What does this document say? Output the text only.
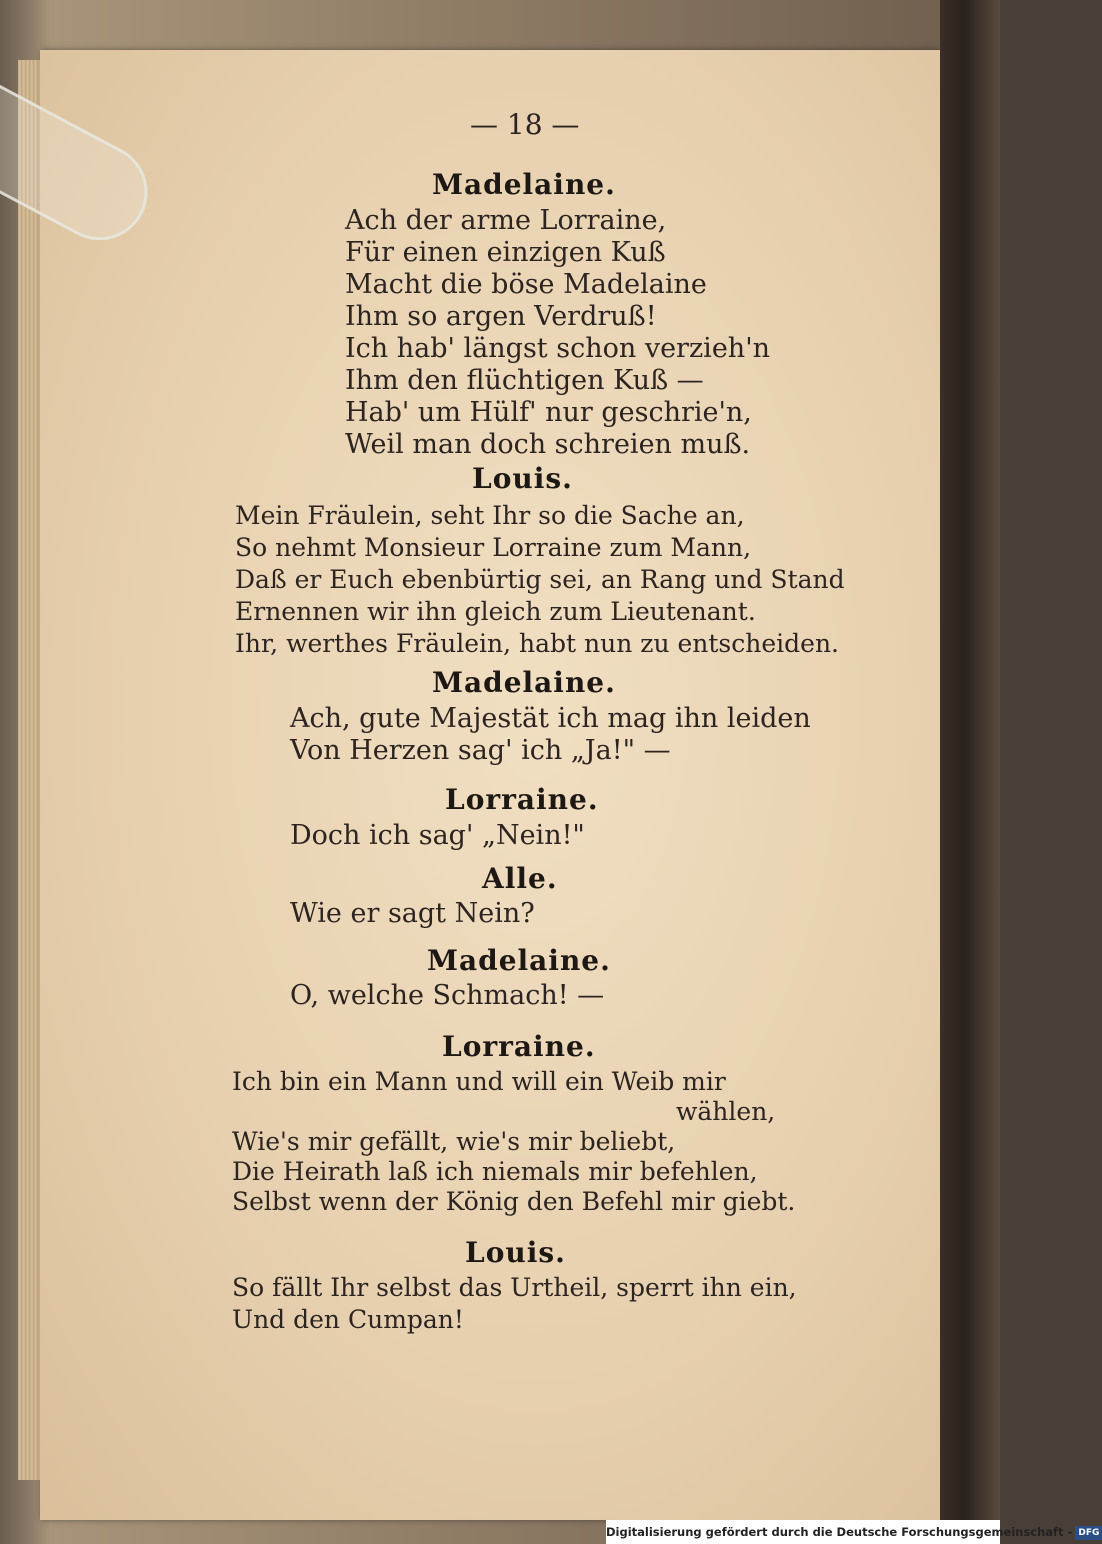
— 18 —
Madelaine.
Ach der arme Lorraine,
Für einen einzigen Kuß
Macht die böse Madelaine
Ihm so argen Verdruß!
Ich hab' längst schon verzieh'n
Ihm den flüchtigen Kuß —
Hab' um Hülf' nur geschrie'n,
Weil man doch schreien muß.
Louis.
Mein Fräulein, seht Ihr so die Sache an,
So nehmt Monsieur Lorraine zum Mann,
Daß er Euch ebenbürtig sei, an Rang und Stand
Ernennen wir ihn gleich zum Lieutenant.
Ihr, werthes Fräulein, habt nun zu entscheiden.
Madelaine.
Ach, gute Majestät ich mag ihn leiden
Von Herzen sag' ich „Ja!" —
Lorraine.
Doch ich sag' „Nein!"
Alle.
Wie er sagt Nein?
Madelaine.
O, welche Schmach! —
Lorraine.
Ich bin ein Mann und will ein Weib mir
wählen,
Wie's mir gefällt, wie's mir beliebt,
Die Heirath laß ich niemals mir befehlen,
Selbst wenn der König den Befehl mir giebt.
Louis.
So fällt Ihr selbst das Urtheil, sperrt ihn ein,
Und den Cumpan!
Digitalisierung gefördert durch die Deutsche Forschungsgemeinschaft - DFG
